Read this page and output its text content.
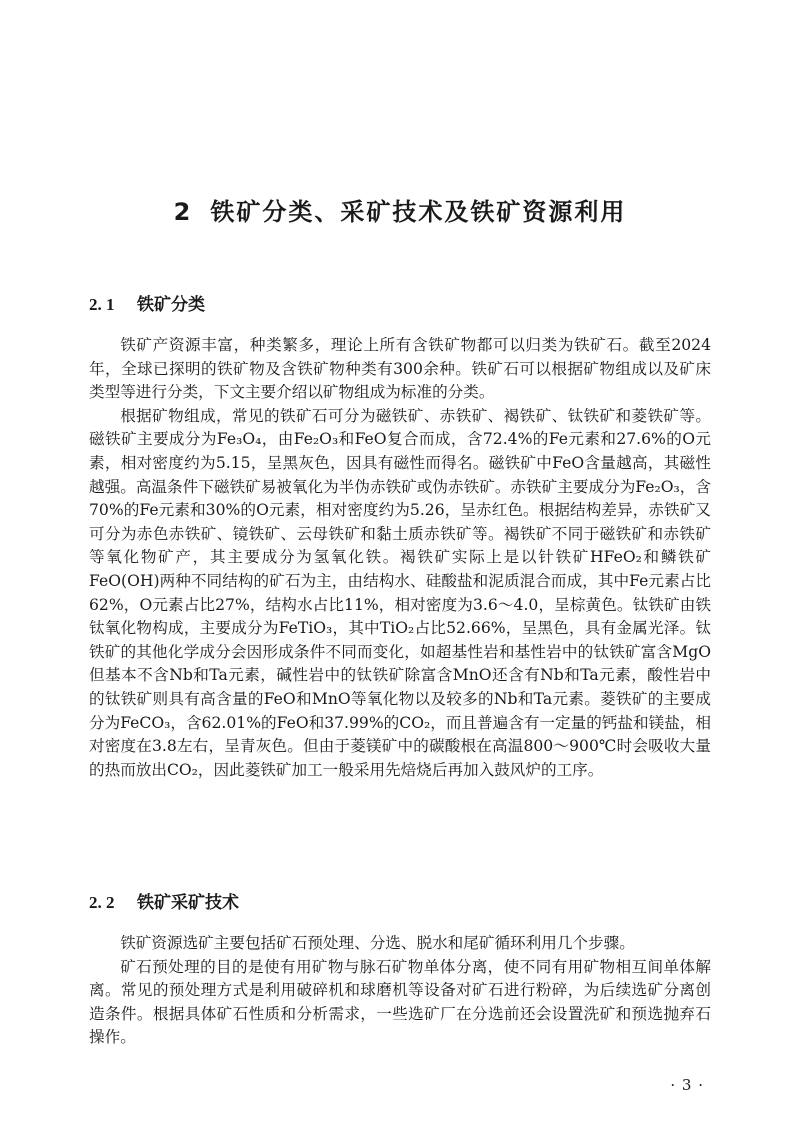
2 铁矿分类、采矿技术及铁矿资源利用
2. 1 铁矿分类

铁矿产资源丰富，种类繁多，理论上所有含铁矿物都可以归类为铁矿石。截至2024年，全球已探明的铁矿物及含铁矿物种类有300余种。铁矿石可以根据矿物组成以及矿床类型等进行分类，下文主要介绍以矿物组成为标准的分类。

根据矿物组成，常见的铁矿石可分为磁铁矿、赤铁矿、褐铁矿、钛铁矿和菱铁矿等。磁铁矿主要成分为Fe₃O₄，由Fe₂O₃和FeO复合而成，含72.4%的Fe元素和27.6%的O元素，相对密度约为5.15，呈黑灰色，因具有磁性而得名。磁铁矿中FeO含量越高，其磁性越强。高温条件下磁铁矿易被氧化为半伪赤铁矿或伪赤铁矿。赤铁矿主要成分为Fe₂O₃，含70%的Fe元素和30%的O元素，相对密度约为5.26，呈赤红色。根据结构差异，赤铁矿又可分为赤色赤铁矿、镜铁矿、云母铁矿和黏土质赤铁矿等。褐铁矿不同于磁铁矿和赤铁矿等氧化物矿产，其主要成分为氢氧化铁。褐铁矿实际上是以针铁矿HFeO₂和鳞铁矿FeO(OH)两种不同结构的矿石为主，由结构水、硅酸盐和泥质混合而成，其中Fe元素占比62%，O元素占比27%，结构水占比11%，相对密度为3.6～4.0，呈棕黄色。钛铁矿由铁钛氧化物构成，主要成分为FeTiO₃，其中TiO₂占比52.66%，呈黑色，具有金属光泽。钛铁矿的其他化学成分会因形成条件不同而变化，如超基性岩和基性岩中的钛铁矿富含MgO但基本不含Nb和Ta元素，碱性岩中的钛铁矿除富含MnO还含有Nb和Ta元素，酸性岩中的钛铁矿则具有高含量的FeO和MnO等氧化物以及较多的Nb和Ta元素。菱铁矿的主要成分为FeCO₃，含62.01%的FeO和37.99%的CO₂，而且普遍含有一定量的钙盐和镁盐，相对密度在3.8左右，呈青灰色。但由于菱镁矿中的碳酸根在高温800～900℃时会吸收大量的热而放出CO₂，因此菱铁矿加工一般采用先焙烧后再加入鼓风炉的工序。

2. 2 铁矿采矿技术

铁矿资源选矿主要包括矿石预处理、分选、脱水和尾矿循环利用几个步骤。

矿石预处理的目的是使有用矿物与脉石矿物单体分离，使不同有用矿物相互间单体解离。常见的预处理方式是利用破碎机和球磨机等设备对矿石进行粉碎，为后续选矿分离创造条件。根据具体矿石性质和分析需求，一些选矿厂在分选前还会设置洗矿和预选抛弃石操作。

· 3 ·
